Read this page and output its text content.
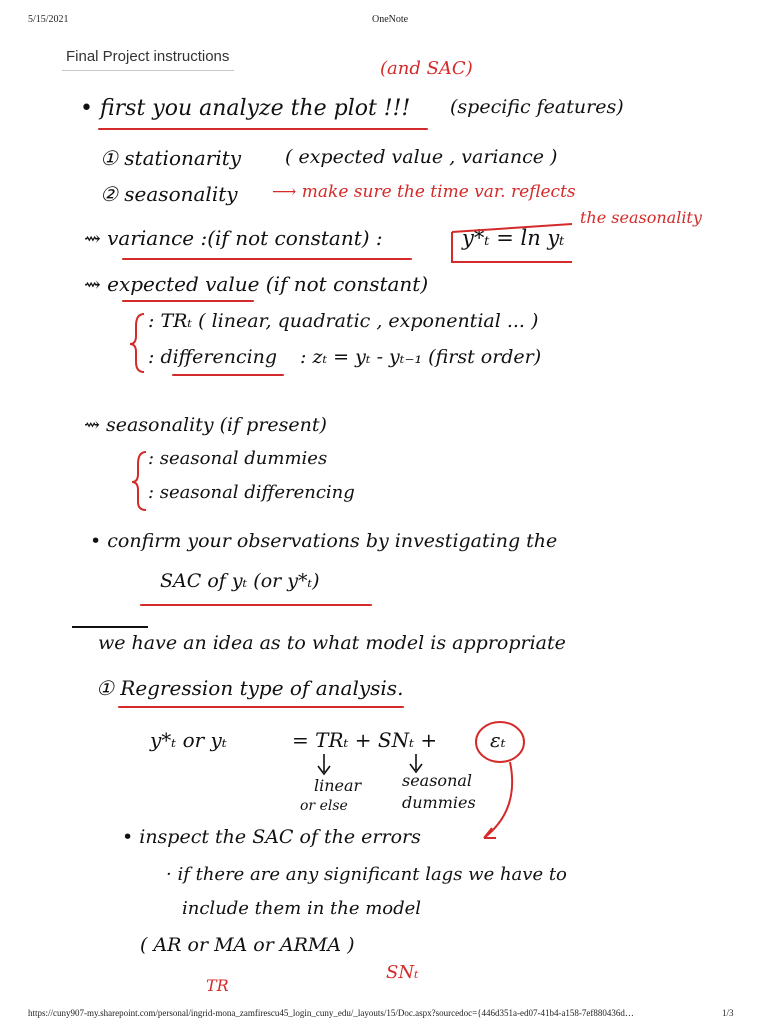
5/15/2021	OneNote
Final Project instructions
(and SAC)
• first you analyze the plot !!! (specific features)
① stationarity ( expected value , variance )
② seasonality ⟶ make sure the time var. reflects
the seasonality
⇝ variance :(if not constant) :	y*ₜ = ln yₜ
⇝ expected value (if not constant)
: TRₜ ( linear, quadratic , exponential ... )
: differencing : zₜ = yₜ - yₜ₋₁ (first order)
⇝ seasonality (if present)
: seasonal dummies
: seasonal differencing
• confirm your observations by investigating the
SAC of yₜ (or y*ₜ)
we have an idea as to what model is appropriate
① Regression type of analysis.
y*ₜ or yₜ	= TRₜ + SNₜ +	εₜ
linear
or else
seasonal dummies
• inspect the SAC of the errors
· if there are any significant lags we have to
include them in the model
( AR or MA or ARMA )
TR
SNₜ
https://cuny907-my.sharepoint.com/personal/ingrid-mona_zamfirescu45_login_cuny_edu/_layouts/15/Doc.aspx?sourcedoc={446d351a-ed07-41b4-a158-7ef880436d…	1/3
